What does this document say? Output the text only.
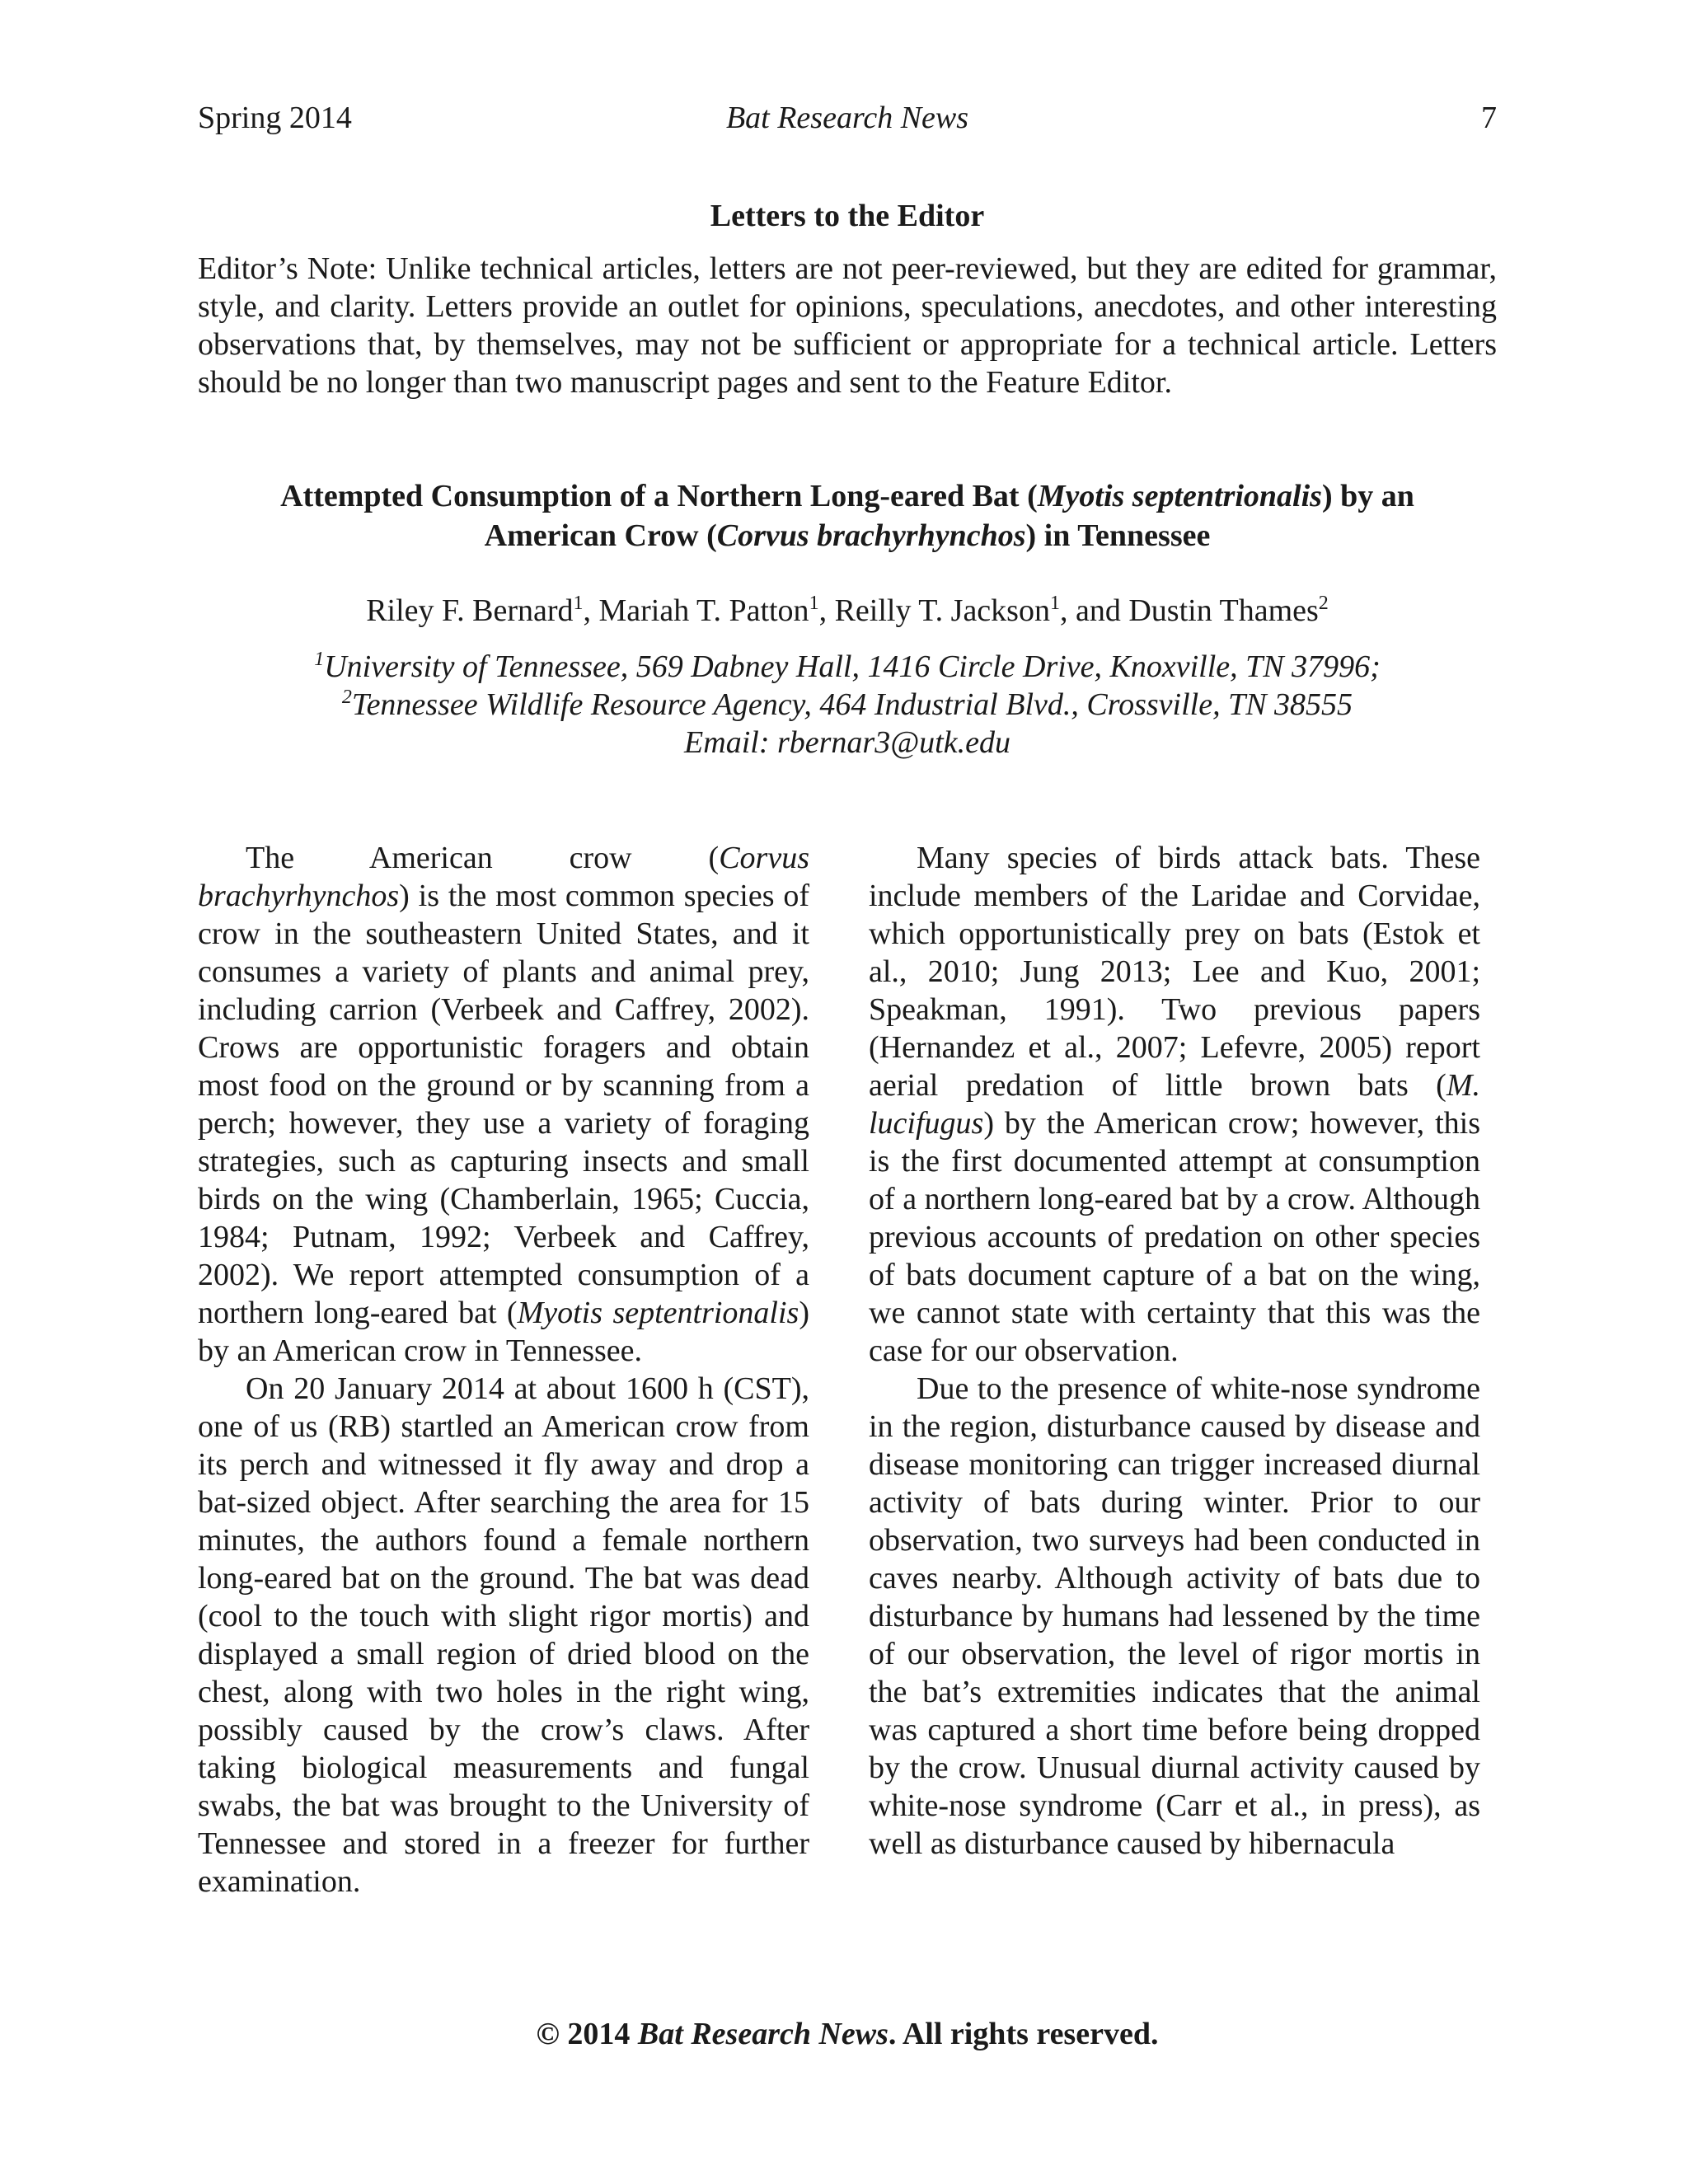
Spring 2014	Bat Research News	7
Letters to the Editor

Editor’s Note: Unlike technical articles, letters are not peer-reviewed, but they are edited for grammar, style, and clarity. Letters provide an outlet for opinions, speculations, anecdotes, and other interesting observations that, by themselves, may not be sufficient or appropriate for a technical article. Letters should be no longer than two manuscript pages and sent to the Feature Editor.

Attempted Consumption of a Northern Long-eared Bat (Myotis septentrionalis) by an
American Crow (Corvus brachyrhynchos) in Tennessee
Riley F. Bernard$^1$, Mariah T. Patton$^1$, Reilly T. Jackson$^1$, and Dustin Thames$^2$
$^1$University of Tennessee, 569 Dabney Hall, 1416 Circle Drive, Knoxville, TN 37996;
$^2$Tennessee Wildlife Resource Agency, 464 Industrial Blvd., Crossville, TN 38555
Email: rbernar3@utk.edu

The American crow (Corvus brachyrhynchos) is the most common species of crow in the southeastern United States, and it consumes a variety of plants and animal prey, including carrion (Verbeek and Caffrey, 2002). Crows are opportunistic foragers and obtain most food on the ground or by scanning from a perch; however, they use a variety of foraging strategies, such as capturing insects and small birds on the wing (Chamberlain, 1965; Cuccia, 1984; Putnam, 1992; Verbeek and Caffrey, 2002). We report attempted consumption of a northern long-eared bat (Myotis septentrionalis) by an American crow in Tennessee.

On 20 January 2014 at about 1600 h (CST), one of us (RB) startled an American crow from its perch and witnessed it fly away and drop a bat-sized object. After searching the area for 15 minutes, the authors found a female northern long-eared bat on the ground. The bat was dead (cool to the touch with slight rigor mortis) and displayed a small region of dried blood on the chest, along with two holes in the right wing, possibly caused by the crow’s claws. After taking biological measurements and fungal swabs, the bat was brought to the University of Tennessee and stored in a freezer for further examination.

Many species of birds attack bats. These include members of the Laridae and Corvidae, which opportunistically prey on bats (Estok et al., 2010; Jung 2013; Lee and Kuo, 2001; Speakman, 1991). Two previous papers (Hernandez et al., 2007; Lefevre, 2005) report aerial predation of little brown bats (M. lucifugus) by the American crow; however, this is the first documented attempt at consumption of a northern long-eared bat by a crow. Although previous accounts of predation on other species of bats document capture of a bat on the wing, we cannot state with certainty that this was the case for our observation.

Due to the presence of white-nose syndrome in the region, disturbance caused by disease and disease monitoring can trigger increased diurnal activity of bats during winter. Prior to our observation, two surveys had been conducted in caves nearby. Although activity of bats due to disturbance by humans had lessened by the time of our observation, the level of rigor mortis in the bat’s extremities indicates that the animal was captured a short time before being dropped by the crow. Unusual diurnal activity caused by white-nose syndrome (Carr et al., in press), as well as disturbance caused by hibernacula

© 2014 Bat Research News. All rights reserved.
